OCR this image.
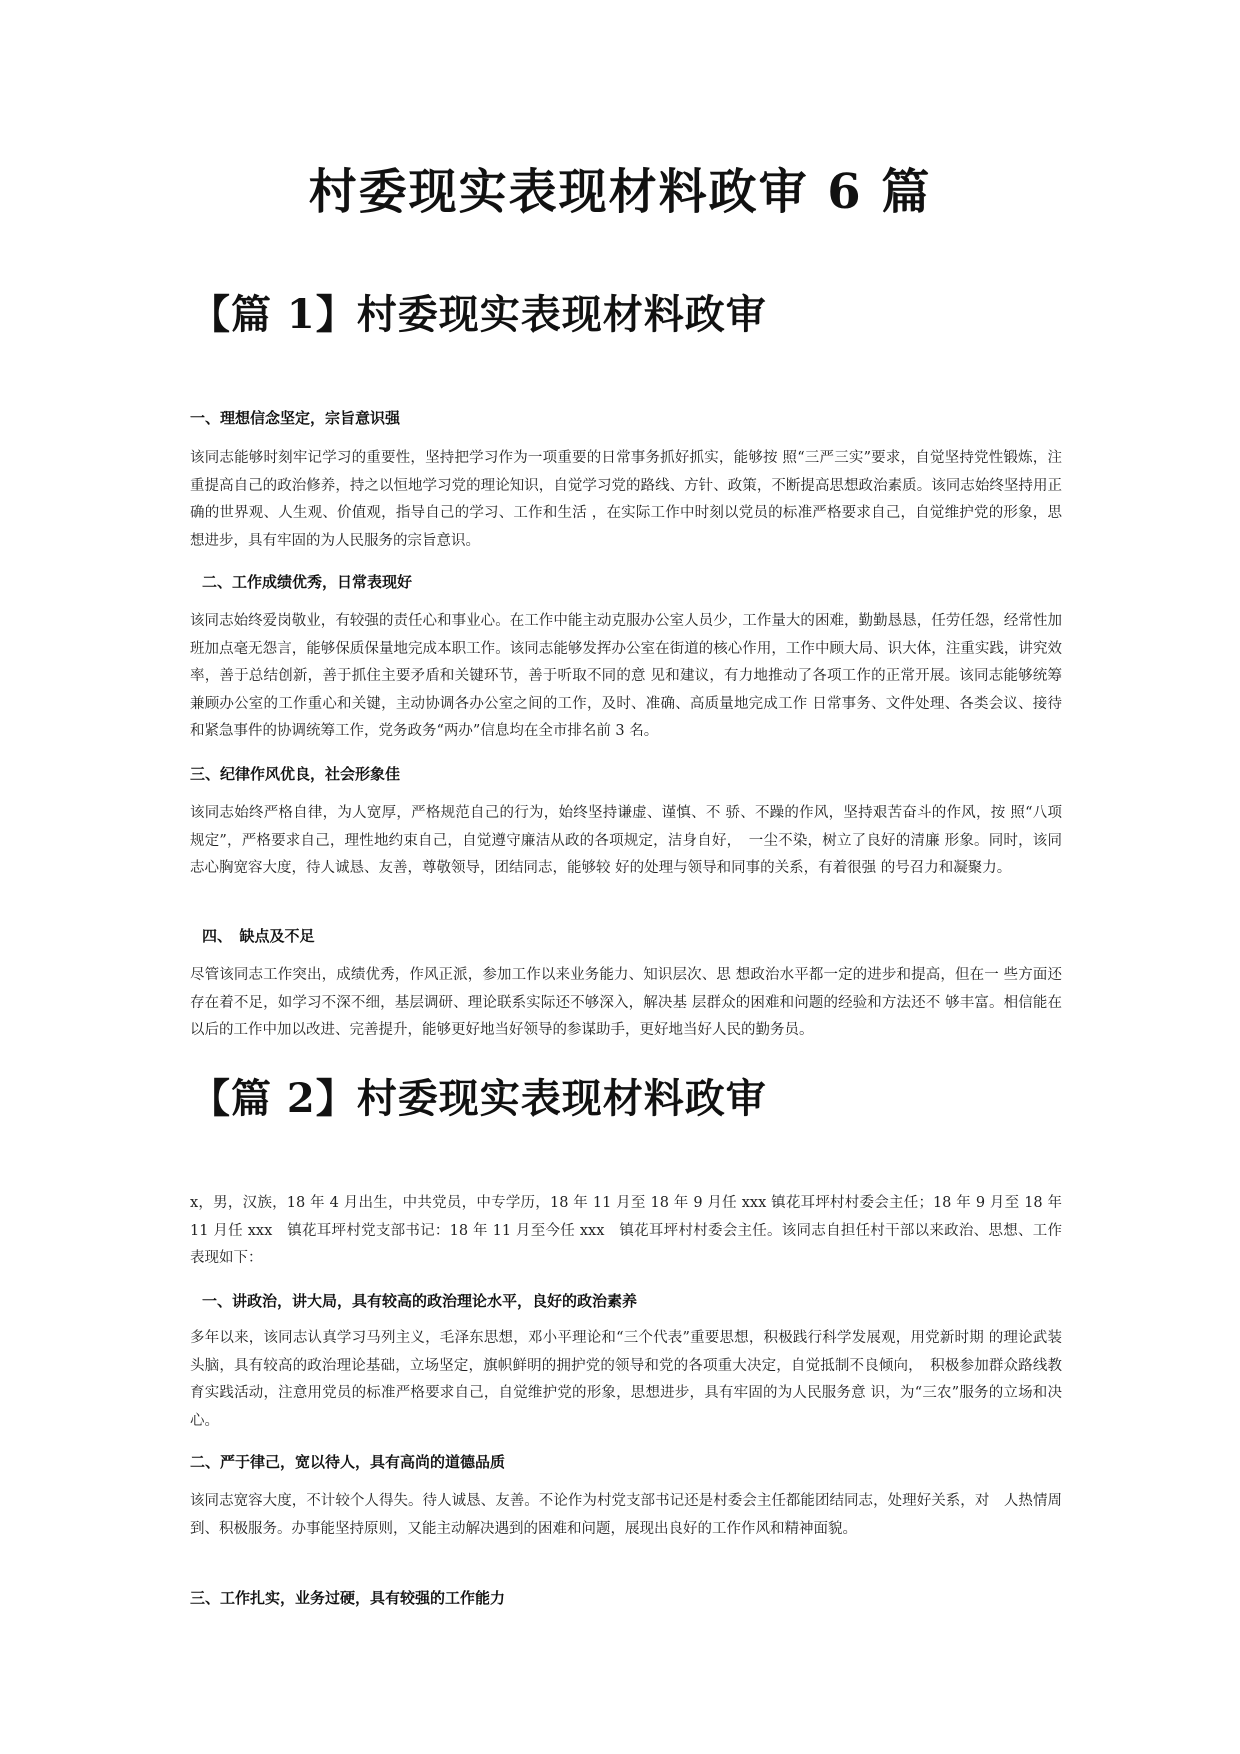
村委现实表现材料政审 6 篇
【篇 1】村委现实表现材料政审
一、理想信念坚定，宗旨意识强
该同志能够时刻牢记学习的重要性，坚持把学习作为一项重要的日常事务抓好抓实，能够按 照“三严三实”要求，自觉坚持党性锻炼，注重提高自己的政治修养，持之以恒地学习党的理论知识，自觉学习党的路线、方针、政策，不断提高思想政治素质。该同志始终坚持用正确的世界观、人生观、价值观，指导自己的学习、工作和生活 ，在实际工作中时刻以党员的标准严格要求自己，自觉维护党的形象，思想进步，具有牢固的为人民服务的宗旨意识。
二、工作成绩优秀，日常表现好
该同志始终爱岗敬业，有较强的责任心和事业心。在工作中能主动克服办公室人员少，工作量大的困难，勤勤恳恳，任劳任怨，经常性加班加点毫无怨言，能够保质保量地完成本职工作。该同志能够发挥办公室在街道的核心作用，工作中顾大局、识大体，注重实践，讲究效率，善于总结创新，善于抓住主要矛盾和关键环节，善于听取不同的意 见和建议，有力地推动了各项工作的正常开展。该同志能够统筹兼顾办公室的工作重心和关键，主动协调各办公室之间的工作，及时、准确、高质量地完成工作 日常事务、文件处理、各类会议、接待和紧急事件的协调统筹工作，党务政务“两办”信息均在全市排名前 3 名。
三、纪律作风优良，社会形象佳
该同志始终严格自律，为人宽厚，严格规范自己的行为，始终坚持谦虚、谨慎、不 骄、不躁的作风，坚持艰苦奋斗的作风，按 照“八项规定”，严格要求自己，理性地约束自己，自觉遵守廉洁从政的各项规定，洁身自好，　一尘不染，树立了良好的清廉 形象。同时，该同志心胸宽容大度，待人诚恳、友善，尊敬领导，团结同志，能够较 好的处理与领导和同事的关系，有着很强 的号召力和凝聚力。
四、　缺点及不足
尽管该同志工作突出，成绩优秀，作风正派，参加工作以来业务能力、知识层次、思 想政治水平都一定的进步和提高，但在一 些方面还存在着不足，如学习不深不细，基层调研、理论联系实际还不够深入，解决基 层群众的困难和问题的经验和方法还不 够丰富。相信能在以后的工作中加以改进、完善提升，能够更好地当好领导的参谋助手，更好地当好人民的勤务员。
【篇 2】村委现实表现材料政审
x，男，汉族，18 年 4 月出生，中共党员，中专学历，18 年 11 月至 18 年 9 月任 xxx 镇花耳坪村村委会主任；18 年 9 月至 18 年　11 月任 xxx　镇花耳坪村党支部书记：18 年 11 月至今任 xxx　镇花耳坪村村委会主任。该同志自担任村干部以来政治、思想、工作　表现如下：
一、讲政治，讲大局，具有较高的政治理论水平，良好的政治素养
多年以来，该同志认真学习马列主义，毛泽东思想，邓小平理论和“三个代表”重要思想，积极践行科学发展观，用党新时期 的理论武装头脑，具有较高的政治理论基础，立场坚定，旗帜鲜明的拥护党的领导和党的各项重大决定，自觉抵制不良倾向，　积极参加群众路线教育实践活动，注意用党员的标准严格要求自己，自觉维护党的形象，思想进步，具有牢固的为人民服务意 识，为“三农”服务的立场和决心。
二、严于律己，宽以待人，具有高尚的道德品质
该同志宽容大度，不计较个人得失。待人诚恳、友善。不论作为村党支部书记还是村委会主任都能团结同志，处理好关系，对　人热情周到、积极服务。办事能坚持原则，又能主动解决遇到的困难和问题，展现出良好的工作作风和精神面貌。
三、工作扎实，业务过硬，具有较强的工作能力
